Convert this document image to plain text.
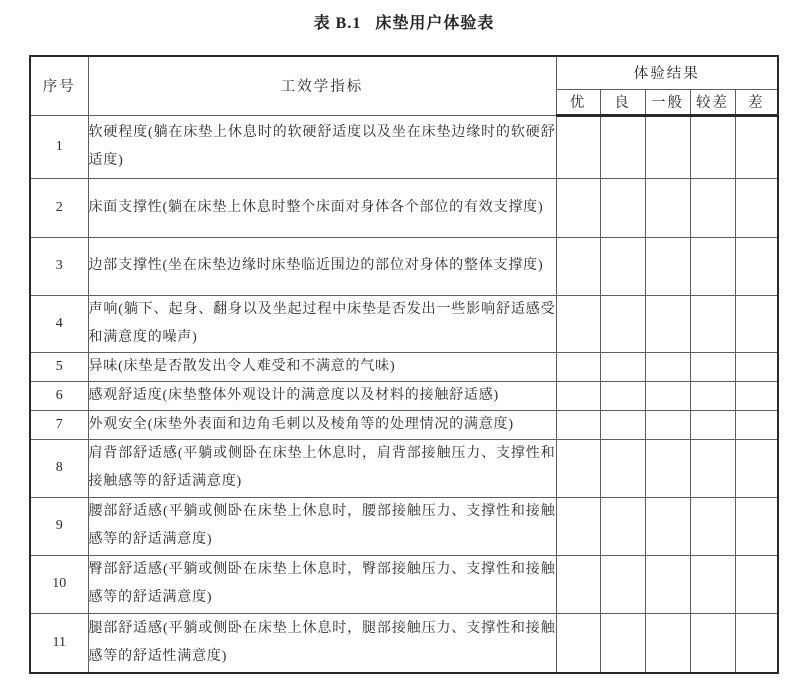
表 B.1 床垫用户体验表
序号	工效学指标	体验结果				
		优	良	一般	较差	差
1	软硬程度(躺在床垫上休息时的软硬舒适度以及坐在床垫边缘时的软硬舒适度)					
2	床面支撑性(躺在床垫上休息时整个床面对身体各个部位的有效支撑度)					
3	边部支撑性(坐在床垫边缘时床垫临近围边的部位对身体的整体支撑度)					
4	声响(躺下、起身、翻身以及坐起过程中床垫是否发出一些影响舒适感受和满意度的噪声)					
5	异味(床垫是否散发出令人难受和不满意的气味)					
6	感观舒适度(床垫整体外观设计的满意度以及材料的接触舒适感)					
7	外观安全(床垫外表面和边角毛刺以及棱角等的处理情况的满意度)					
8	肩背部舒适感(平躺或侧卧在床垫上休息时，肩背部接触压力、支撑性和接触感等的舒适满意度)					
9	腰部舒适感(平躺或侧卧在床垫上休息时，腰部接触压力、支撑性和接触感等的舒适满意度)					
10	臀部舒适感(平躺或侧卧在床垫上休息时，臀部接触压力、支撑性和接触感等的舒适满意度)					
11	腿部舒适感(平躺或侧卧在床垫上休息时，腿部接触压力、支撑性和接触感等的舒适性满意度)					
